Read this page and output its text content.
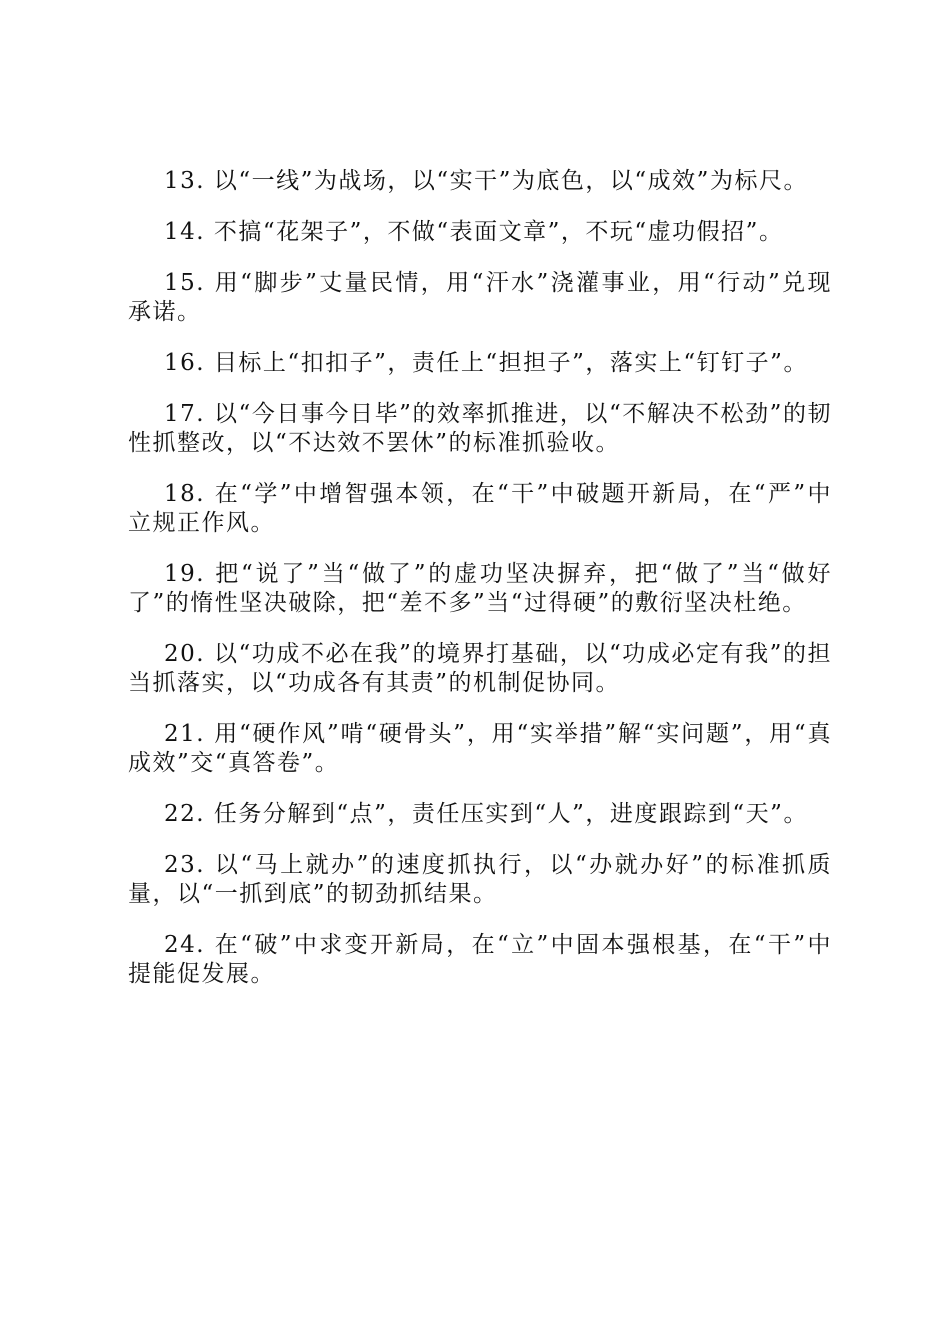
13. 以“一线”为战场，以“实干”为底色，以“成效”为标尺。

14. 不搞“花架子”，不做“表面文章”，不玩“虚功假招”。

15. 用“脚步”丈量民情，用“汗水”浇灌事业，用“行动”兑现承诺。

16. 目标上“扣扣子”，责任上“担担子”，落实上“钉钉子”。

17. 以“今日事今日毕”的效率抓推进，以“不解决不松劲”的韧性抓整改，以“不达效不罢休”的标准抓验收。

18. 在“学”中增智强本领，在“干”中破题开新局，在“严”中立规正作风。

19. 把“说了”当“做了”的虚功坚决摒弃，把“做了”当“做好了”的惰性坚决破除，把“差不多”当“过得硬”的敷衍坚决杜绝。

20. 以“功成不必在我”的境界打基础，以“功成必定有我”的担当抓落实，以“功成各有其责”的机制促协同。

21. 用“硬作风”啃“硬骨头”，用“实举措”解“实问题”，用“真成效”交“真答卷”。

22. 任务分解到“点”，责任压实到“人”，进度跟踪到“天”。

23. 以“马上就办”的速度抓执行，以“办就办好”的标准抓质量，以“一抓到底”的韧劲抓结果。

24. 在“破”中求变开新局，在“立”中固本强根基，在“干”中提能促发展。
